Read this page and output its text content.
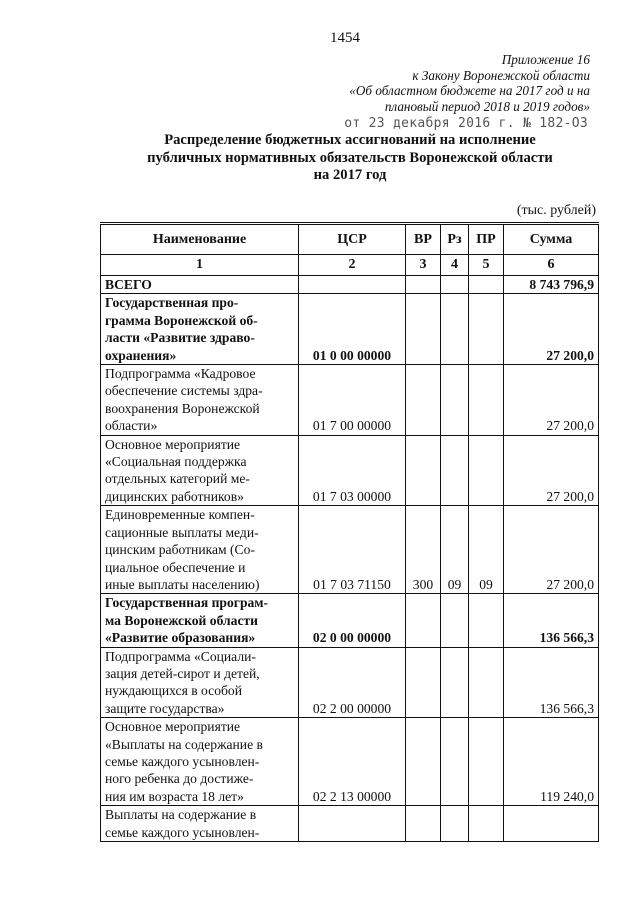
1454
Приложение 16
к Закону Воронежской области
«Об областном бюджете на 2017 год и на
плановый период 2018 и 2019 годов»
от 23 декабря 2016 г. № 182-ОЗ
Распределение бюджетных ассигнований на исполнение
публичных нормативных обязательств Воронежской области
на 2017 год
(тыс. рублей)
Наименование	ЦСР	ВР	Рз	ПР	Сумма
1	2	3	4	5	6

ВСЕГО					8 743 796,9

Государственная про-
грамма Воронежской об-
ласти «Развитие здраво-
охранения»	01 0 00 00000				27 200,0

Подпрограмма «Кадровое
обеспечение системы здра-
воохранения Воронежской
области»	01 7 00 00000				27 200,0

Основное мероприятие
«Социальная поддержка
отдельных категорий ме-
дицинских работников»	01 7 03 00000				27 200,0

Единовременные компен-
сационные выплаты меди-
цинским работникам (Со-
циальное обеспечение и
иные выплаты населению)	01 7 03 71150	300	09	09	27 200,0

Государственная програм-
ма Воронежской области
«Развитие образования»	02 0 00 00000				136 566,3

Подпрограмма «Социали-
зация детей-сирот и детей,
нуждающихся в особой
защите государства»	02 2 00 00000				136 566,3

Основное мероприятие
«Выплаты на содержание в
семье каждого усыновлен-
ного ребенка до достиже-
ния им возраста 18 лет»	02 2 13 00000				119 240,0

Выплаты на содержание в
семье каждого усыновлен-					
